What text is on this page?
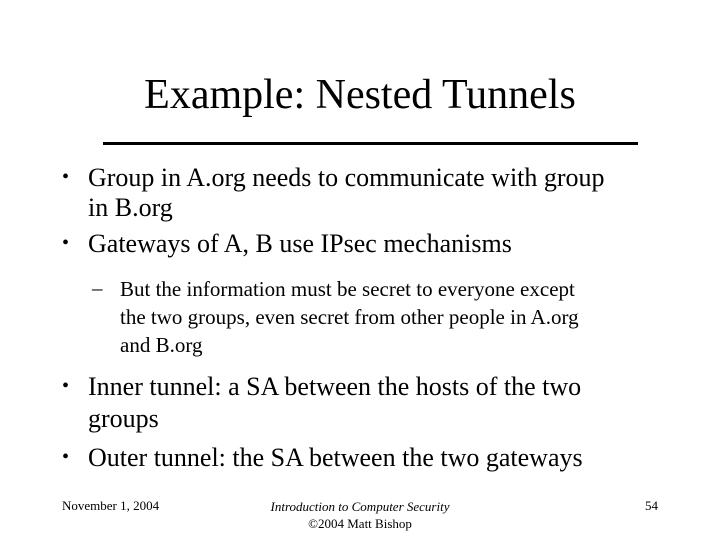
Example: Nested Tunnels
• Group in A.org needs to communicate with group
in B.org
• Gateways of A, B use IPsec mechanisms
– But the information must be secret to everyone except
the two groups, even secret from other people in A.org
and B.org
• Inner tunnel: a SA between the hosts of the two
groups
• Outer tunnel: the SA between the two gateways
November 1, 2004	Introduction to Computer Security
©2004 Matt Bishop
54
